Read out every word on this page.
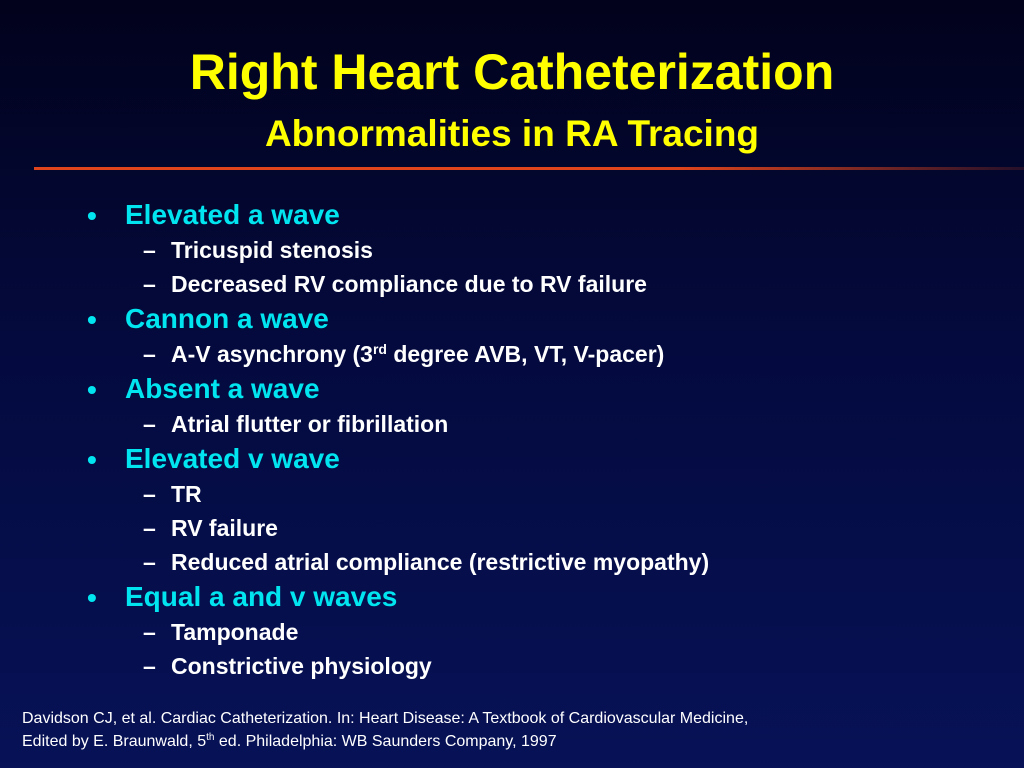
Right Heart Catheterization
Abnormalities in RA Tracing
• Elevated a wave
– Tricuspid stenosis
– Decreased RV compliance due to RV failure
• Cannon a wave
– A-V asynchrony (3rd degree AVB, VT, V-pacer)
• Absent a wave
– Atrial flutter or fibrillation
• Elevated v wave
– TR
– RV failure
– Reduced atrial compliance (restrictive myopathy)
• Equal a and v waves
– Tamponade
– Constrictive physiology
Davidson CJ, et al. Cardiac Catheterization. In: Heart Disease: A Textbook of Cardiovascular Medicine,
Edited by E. Braunwald, 5th ed. Philadelphia: WB Saunders Company, 1997
